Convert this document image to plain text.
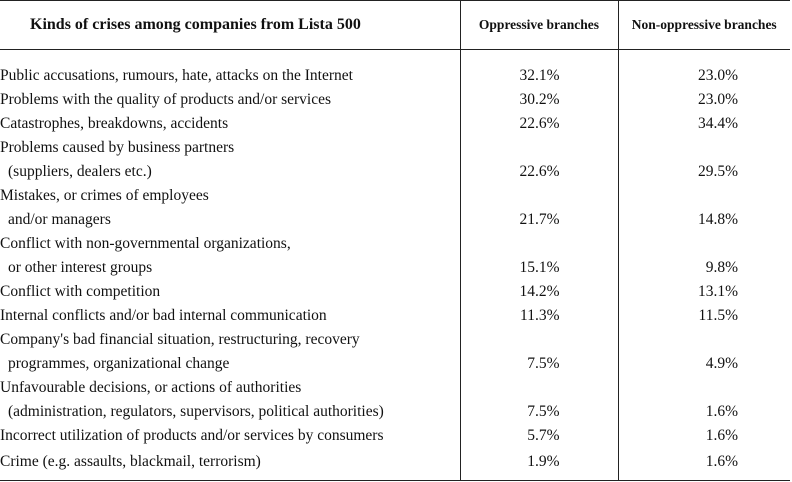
Kinds of crises among companies from Lista 500	Oppressive branches	Non-oppressive branches

Public accusations, rumours, hate, attacks on the Internet	32.1%	23.0%

Problems with the quality of products and/or services	30.2%	23.0%

Catastrophes, breakdowns, accidents	22.6%	34.4%

Problems caused by business partners		

(suppliers, dealers etc.)	22.6%	29.5%

Mistakes, or crimes of employees		

and/or managers	21.7%	14.8%

Conflict with non-governmental organizations,		

or other interest groups	15.1%	9.8%

Conflict with competition	14.2%	13.1%

Internal conflicts and/or bad internal communication	11.3%	11.5%

Company's bad financial situation, restructuring, recovery		

programmes, organizational change	7.5%	4.9%

Unfavourable decisions, or actions of authorities		

(administration, regulators, supervisors, political authorities)	7.5%	1.6%

Incorrect utilization of products and/or services by consumers	5.7%	1.6%

Crime (e.g. assaults, blackmail, terrorism)	1.9%	1.6%
